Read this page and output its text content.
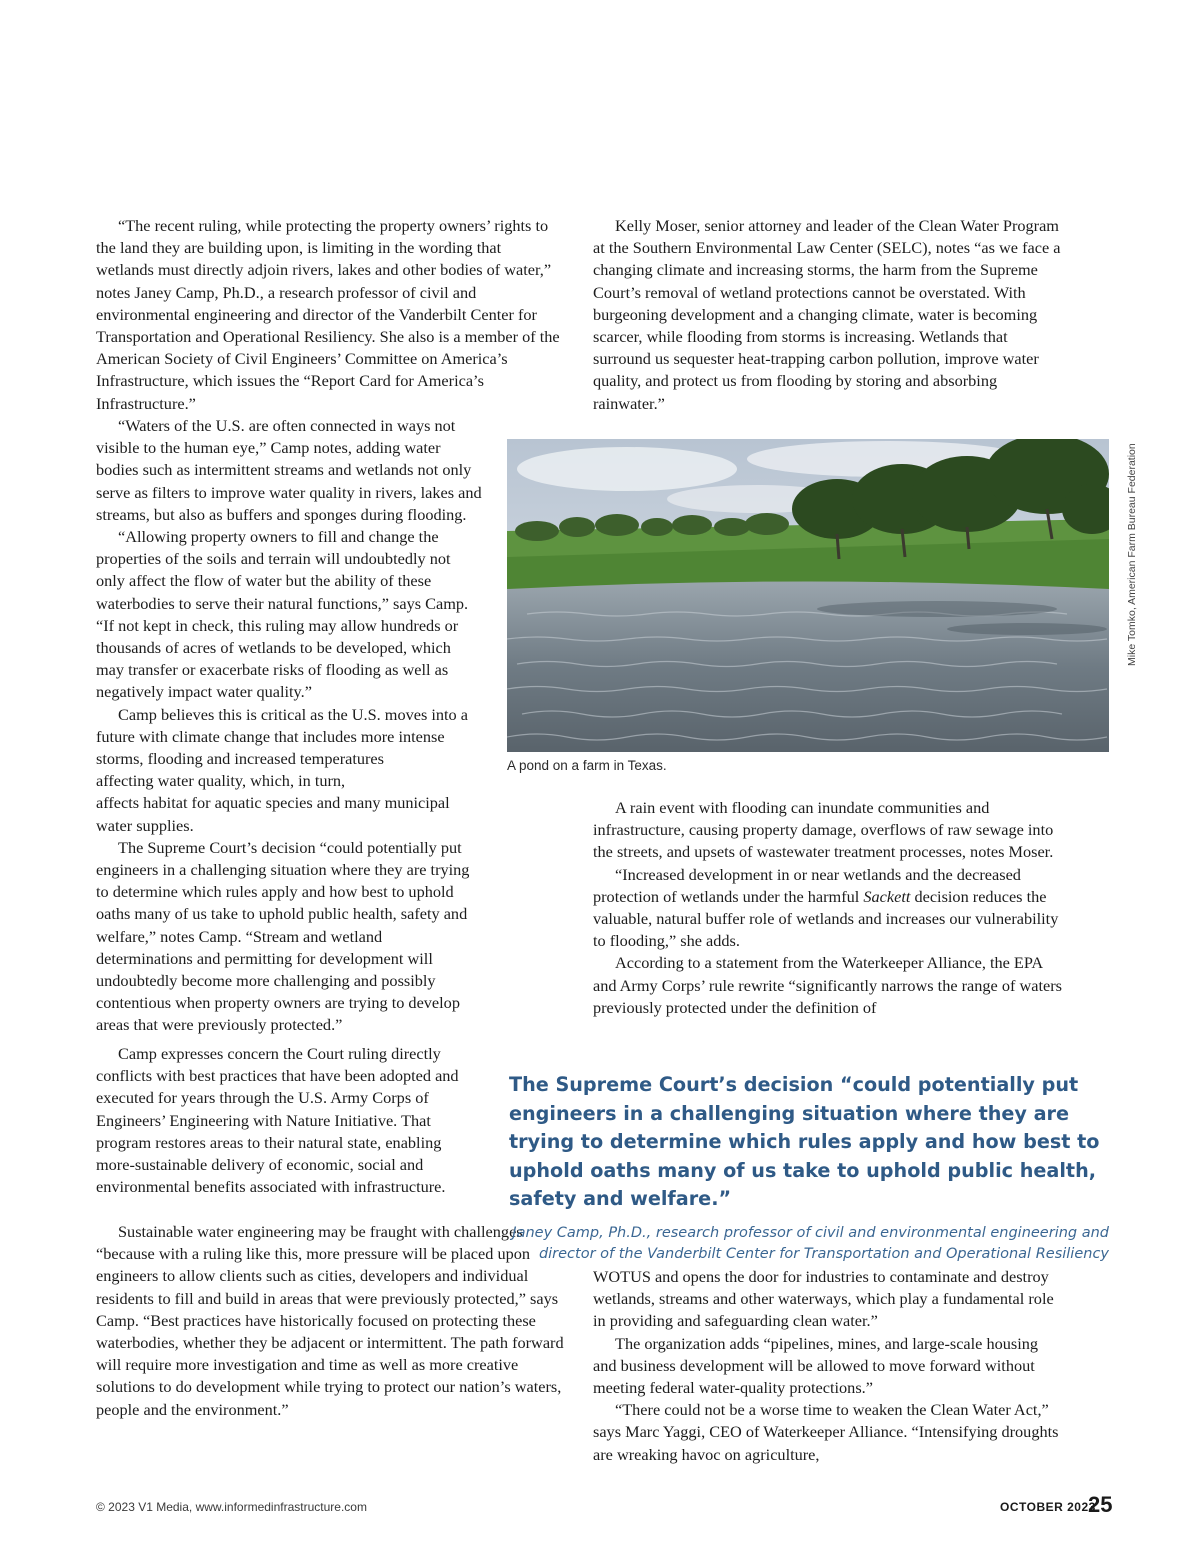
“The recent ruling, while protecting the property owners’ rights to the land they are building upon, is limiting in the wording that wetlands must directly adjoin rivers, lakes and other bodies of water,” notes Janey Camp, Ph.D., a research professor of civil and environmental engineering and director of the Vanderbilt Center for Transportation and Operational Resiliency. She also is a member of the American Society of Civil Engineers’ Committee on America’s Infrastructure, which issues the “Report Card for America’s Infrastructure.”

“Waters of the U.S. are often connected in ways not visible to the human eye,” Camp notes, adding water bodies such as intermittent streams and wetlands not only serve as filters to improve water quality in rivers, lakes and streams, but also as buffers and sponges during flooding.
“Allowing property owners to fill and change the properties of the soils and terrain will undoubtedly not only affect the flow of water but the ability of these waterbodies to serve their natural functions,” says Camp. “If not kept in check, this ruling may allow hundreds or thousands of acres of wetlands to be developed, which may transfer or exacerbate risks of flooding as well as negatively impact water quality.”
Camp believes this is critical as the U.S. moves into a future with climate change that includes more intense storms, flooding and increased temperatures affecting water quality, which, in turn, affects habitat for aquatic species and many municipal water supplies.
The Supreme Court’s decision “could potentially put engineers in a challenging situation where they are trying to determine which rules apply and how best to uphold oaths many of us take to uphold public health, safety and welfare,” notes Camp. “Stream and wetland determinations and permitting for development will undoubtedly become more challenging and possibly contentious when property owners are trying to develop areas that were previously protected.”

Camp expresses concern the Court ruling directly conflicts with best practices that have been adopted and executed for years through the U.S. Army Corps of Engineers’ Engineering with Nature Initiative. That program restores areas to their natural state, enabling more-sustainable delivery of economic, social and environmental benefits associated with infrastructure.

Sustainable water engineering may be fraught with challenges “because with a ruling like this, more pressure will be placed upon engineers to allow clients such as cities, developers and individual residents to fill and build in areas that were previously protected,” says Camp. “Best practices have historically focused on protecting these waterbodies, whether they be adjacent or intermittent. The path forward will require more investigation and time as well as more creative solutions to do development while trying to protect our nation’s waters, people and the environment.”

Kelly Moser, senior attorney and leader of the Clean Water Program at the Southern Environmental Law Center (SELC), notes “as we face a changing climate and increasing storms, the harm from the Supreme Court’s removal of wetland protections cannot be overstated. With burgeoning development and a changing climate, water is becoming scarcer, while flooding from storms is increasing. Wetlands that surround us sequester heat-trapping carbon pollution, improve water quality, and protect us from flooding by storing and absorbing rainwater.”

Mike Tomko, American Farm Bureau Federation
A pond on a farm in Texas.
A rain event with flooding can inundate communities and infrastructure, causing property damage, overflows of raw sewage into the streets, and upsets of wastewater treatment processes, notes Moser.
“Increased development in or near wetlands and the decreased protection of wetlands under the harmful Sackett decision reduces the valuable, natural buffer role of wetlands and increases our vulnerability to flooding,” she adds.
According to a statement from the Waterkeeper Alliance, the EPA and Army Corps’ rule rewrite “significantly narrows the range of waters previously protected under the definition of

The Supreme Court’s decision “could potentially put engineers in a challenging situation where they are trying to determine which rules apply and how best to uphold oaths many of us take to uphold public health, safety and welfare.”

Janey Camp, Ph.D., research professor of civil and environmental engineering and director of the Vanderbilt Center for Transportation and Operational Resiliency

WOTUS and opens the door for industries to contaminate and destroy wetlands, streams and other waterways, which play a fundamental role in providing and safeguarding clean water.”
The organization adds “pipelines, mines, and large-scale housing and business development will be allowed to move forward without meeting federal water-quality protections.”
“There could not be a worse time to weaken the Clean Water Act,” says Marc Yaggi, CEO of Waterkeeper Alliance. “Intensifying droughts are wreaking havoc on agriculture,
© 2023 V1 Media, www.informedinfrastructure.com	OCTOBER 2023
25
